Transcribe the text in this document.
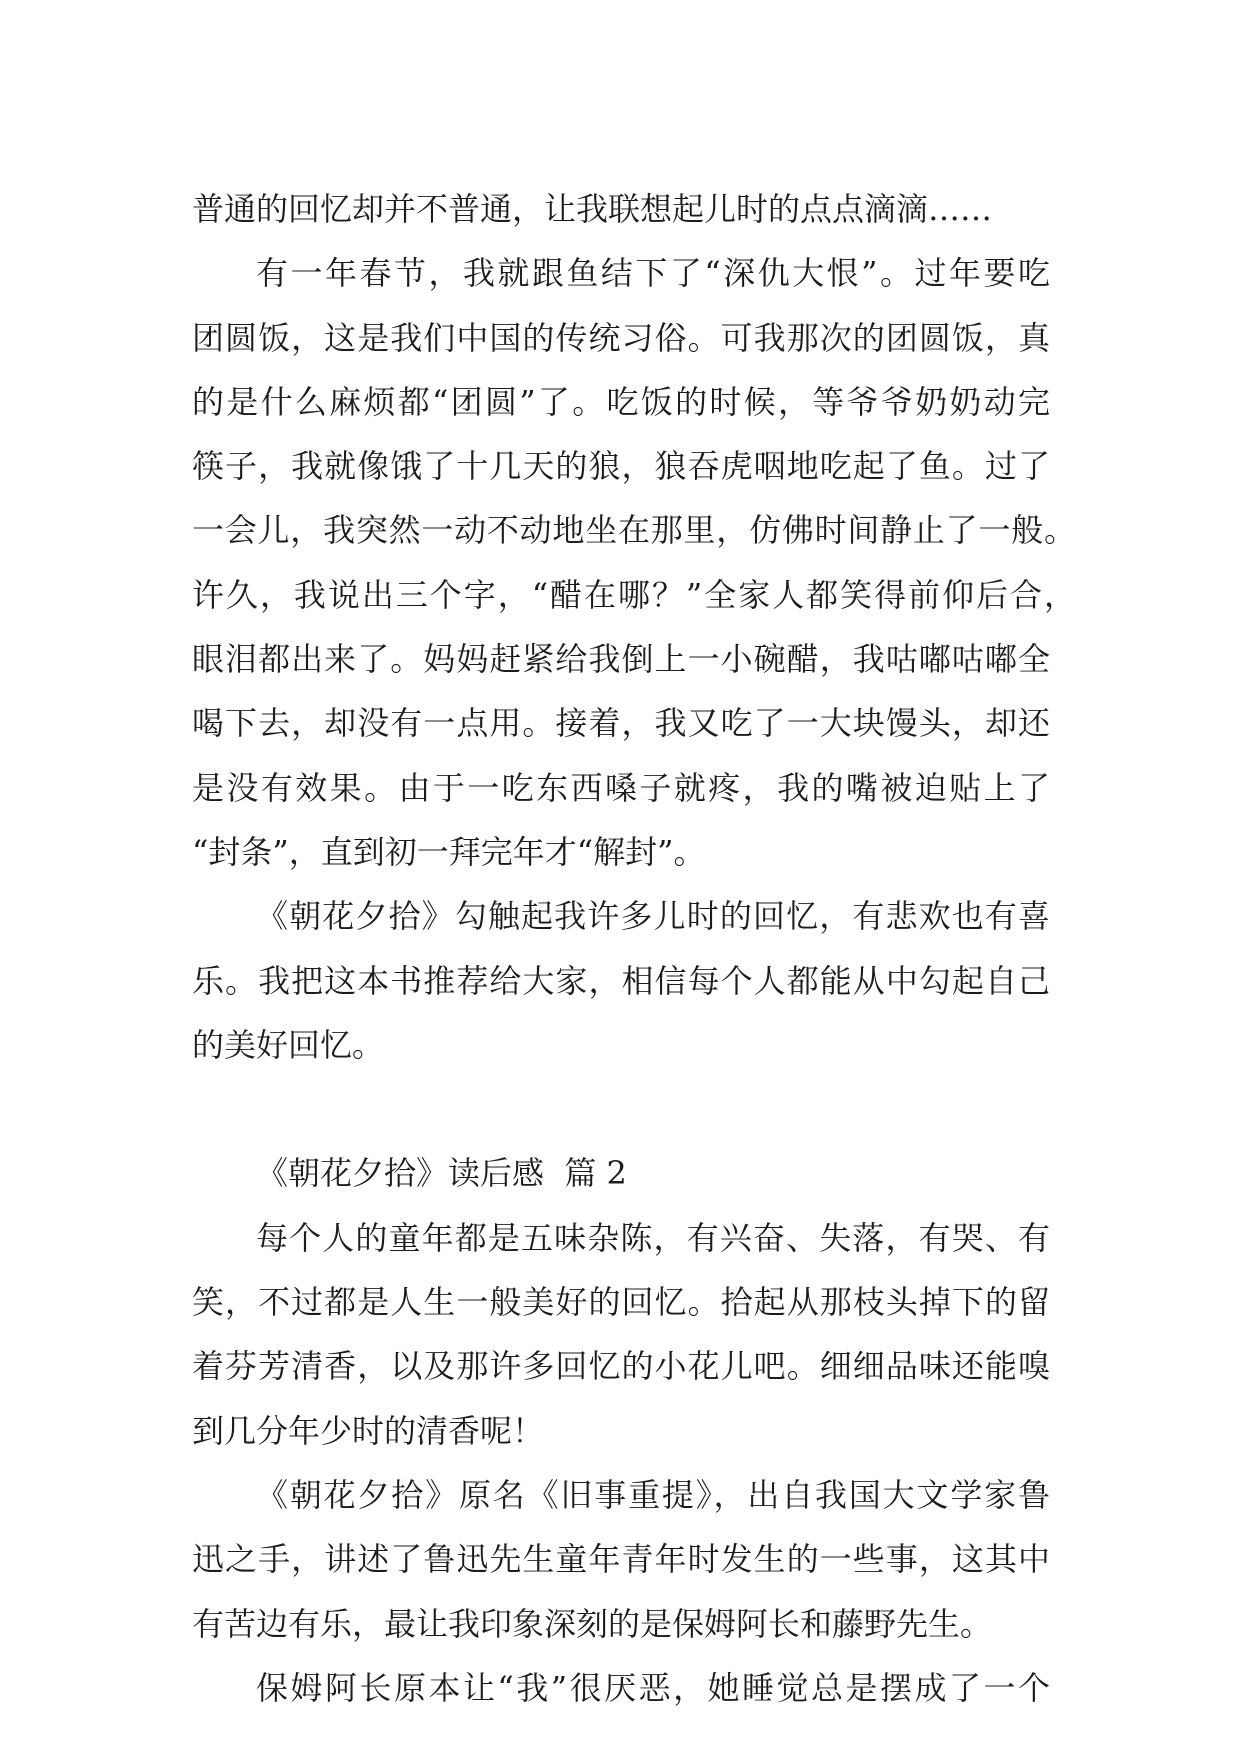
普通的回忆却并不普通，让我联想起儿时的点点滴滴……
有一年春节，我就跟鱼结下了“深仇大恨”。过年要吃
团圆饭，这是我们中国的传统习俗。可我那次的团圆饭，真
的是什么麻烦都“团圆”了。吃饭的时候，等爷爷奶奶动完
筷子，我就像饿了十几天的狼，狼吞虎咽地吃起了鱼。过了
一会儿，我突然一动不动地坐在那里，仿佛时间静止了一般。
许久，我说出三个字，“醋在哪？”全家人都笑得前仰后合，
眼泪都出来了。妈妈赶紧给我倒上一小碗醋，我咕嘟咕嘟全
喝下去，却没有一点用。接着，我又吃了一大块馒头，却还
是没有效果。由于一吃东西嗓子就疼，我的嘴被迫贴上了
“封条”，直到初一拜完年才“解封”。
《朝花夕拾》勾触起我许多儿时的回忆，有悲欢也有喜
乐。我把这本书推荐给大家，相信每个人都能从中勾起自己
的美好回忆。
《朝花夕拾》读后感  篇 2
每个人的童年都是五味杂陈，有兴奋、失落，有哭、有
笑，不过都是人生一般美好的回忆。拾起从那枝头掉下的留
着芬芳清香，以及那许多回忆的小花儿吧。细细品味还能嗅
到几分年少时的清香呢！
《朝花夕拾》原名《旧事重提》，出自我国大文学家鲁
迅之手，讲述了鲁迅先生童年青年时发生的一些事，这其中
有苦边有乐，最让我印象深刻的是保姆阿长和藤野先生。
保姆阿长原本让“我”很厌恶，她睡觉总是摆成了一个
